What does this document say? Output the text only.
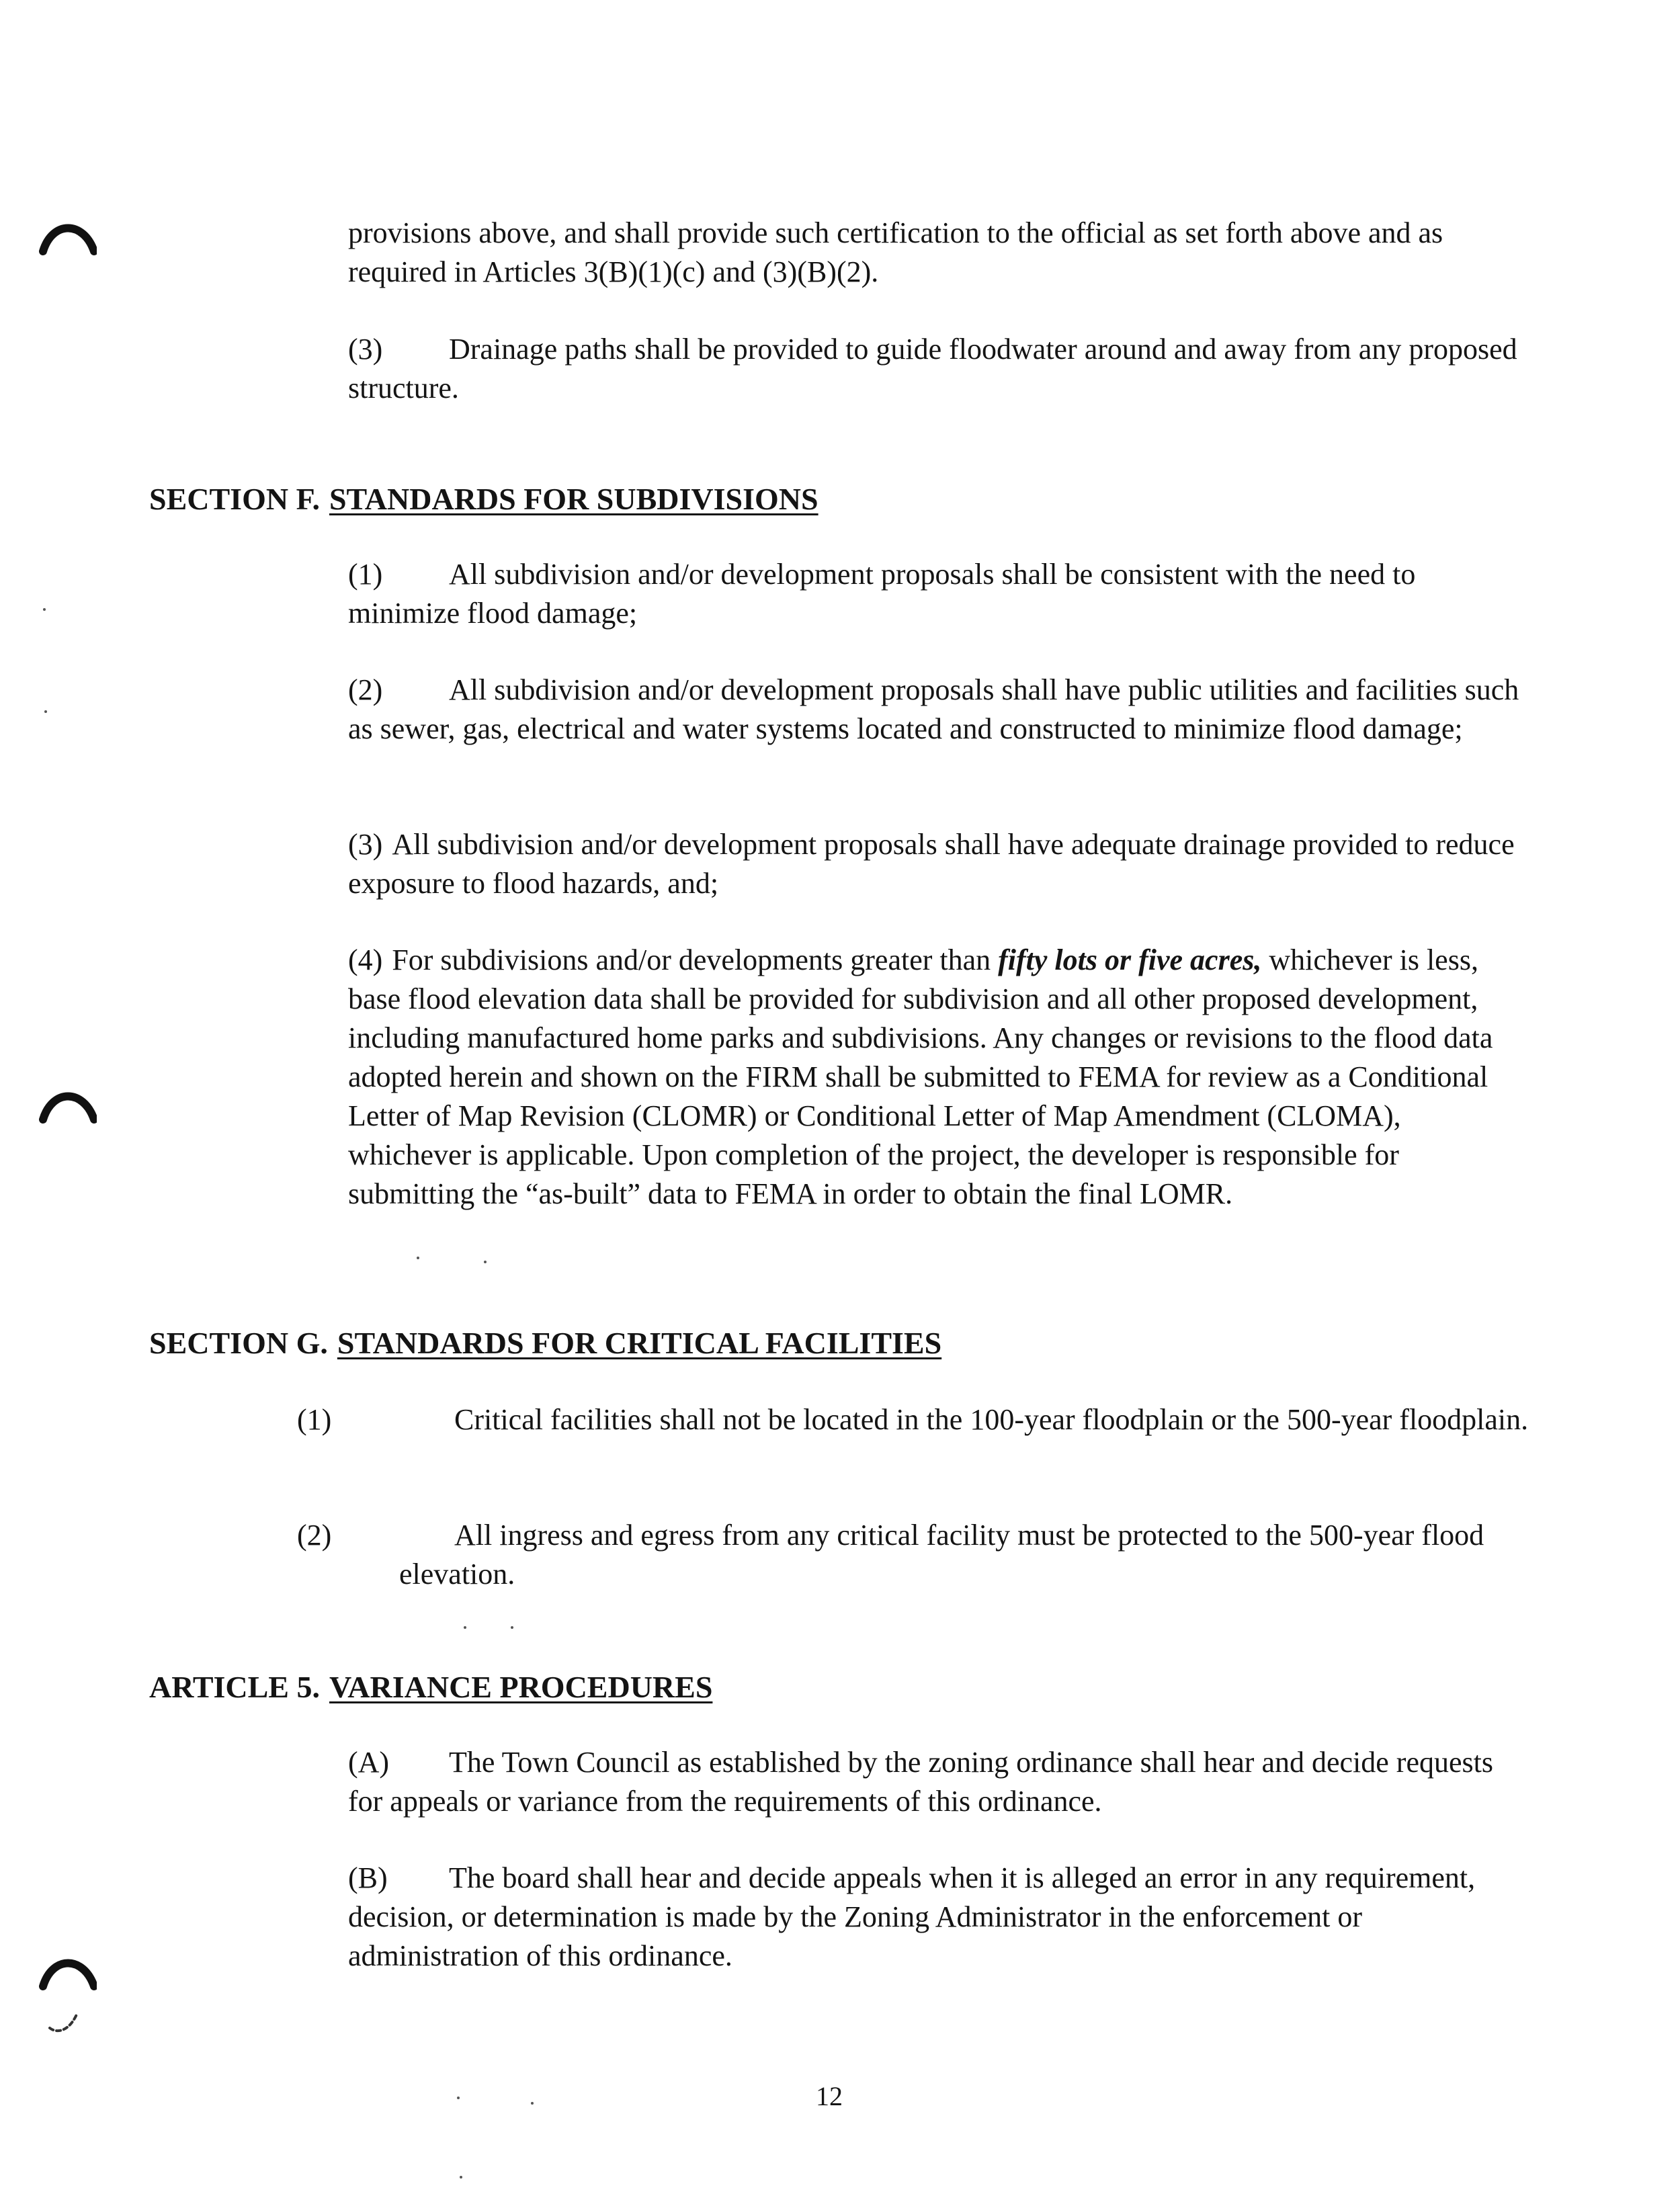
provisions above, and shall provide such certification to the official as set forth above and as required in Articles 3(B)(1)(c) and (3)(B)(2).

(3) Drainage paths shall be provided to guide floodwater around and away from any proposed structure.

SECTION F. STANDARDS FOR SUBDIVISIONS

(1) All subdivision and/or development proposals shall be consistent with the need to minimize flood damage;

(2) All subdivision and/or development proposals shall have public utilities and facilities such as sewer, gas, electrical and water systems located and constructed to minimize flood damage;

(3) All subdivision and/or development proposals shall have adequate drainage provided to reduce exposure to flood hazards, and;

(4) For subdivisions and/or developments greater than fifty lots or five acres, whichever is less, base flood elevation data shall be provided for subdivision and all other proposed development, including manufactured home parks and subdivisions. Any changes or revisions to the flood data adopted herein and shown on the FIRM shall be submitted to FEMA for review as a Conditional Letter of Map Revision (CLOMR) or Conditional Letter of Map Amendment (CLOMA), whichever is applicable. Upon completion of the project, the developer is responsible for submitting the “as-built” data to FEMA in order to obtain the final LOMR.

SECTION G. STANDARDS FOR CRITICAL FACILITIES

(1)	Critical facilities shall not be located in the 100-year floodplain or the 500-year floodplain.

(2)	All ingress and egress from any critical facility must be protected to the 500-year flood elevation.

ARTICLE 5. VARIANCE PROCEDURES

(A) The Town Council as established by the zoning ordinance shall hear and decide requests for appeals or variance from the requirements of this ordinance.

(B) The board shall hear and decide appeals when it is alleged an error in any requirement, decision, or determination is made by the Zoning Administrator in the enforcement or administration of this ordinance.

12
